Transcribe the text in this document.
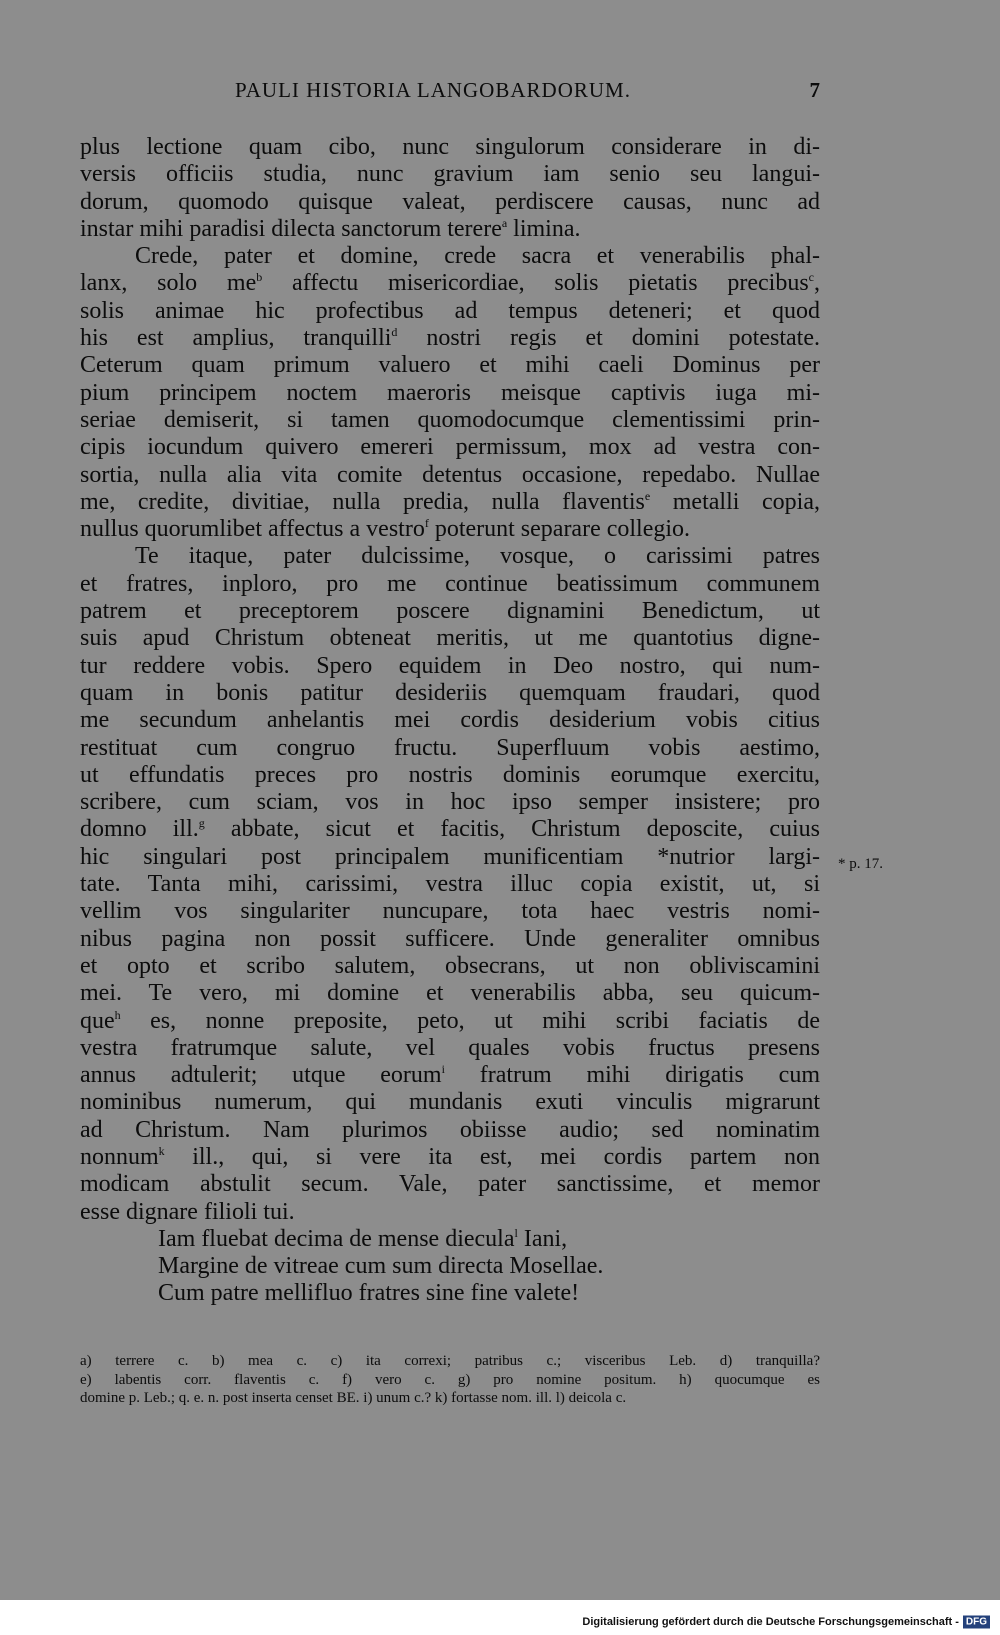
PAULI HISTORIA LANGOBARDORUM.	7
plus lectione quam cibo, nunc singulorum considerare in di-
versis officiis studia, nunc gravium iam senio seu langui-
dorum, quomodo quisque valeat, perdiscere causas, nunc ad
instar mihi paradisi dilecta sanctorum terere$^a$ limina.
Crede, pater et domine, crede sacra et venerabilis phal-
lanx, solo $me^b$ affectu misericordiae, solis pietatis precibus$^c$,
solis animae hic profectibus ad tempus deteneri; et quod
his est amplius, tranquilli$^d$ nostri regis et domini potestate.
Ceterum quam primum valuero et mihi caeli Dominus per
pium principem noctem maeroris meisque captivis iuga mi-
seriae demiserit, si tamen quomodocumque clementissimi prin-
cipis iocundum quivero emereri permissum, mox ad vestra con-
sortia, nulla alia vita comite detentus occasione, repedabo. Nullae
me, credite, divitiae, nulla predia, nulla flaventis$^e$ metalli copia,
nullus quorumlibet affectus a vestro$^f$ poterunt separare collegio.
Te itaque, pater dulcissime, vosque, o carissimi patres
et fratres, inploro, pro me continue beatissimum communem
patrem et preceptorem poscere dignamini Benedictum, ut
suis apud Christum obteneat meritis, ut me quantotius digne-
tur reddere vobis. Spero equidem in Deo nostro, qui num-
quam in bonis patitur desideriis quemquam fraudari, quod
me secundum anhelantis mei cordis desiderium vobis citius
restituat cum congruo fructu. Superfluum vobis aestimo,
ut effundatis preces pro nostris dominis eorumque exercitu,
scribere, cum sciam, vos in hoc ipso semper insistere; pro
domno ill.$^g$ abbate, sicut et facitis, Christum deposcite, cuius
hic singulari post principalem munificentiam *nutrior largi-
tate. Tanta mihi, carissimi, vestra illuc copia existit, ut, si
vellim vos singulariter nuncupare, tota haec vestris nomi-
nibus pagina non possit sufficere. Unde generaliter omnibus
et opto et scribo salutem, obsecrans, ut non obliviscamini
mei. Te vero, mi domine et venerabilis abba, seu quicum-
que$^h$ es, nonne preposite, peto, ut mihi scribi faciatis de
vestra fratrumque salute, vel quales vobis fructus presens
annus adtulerit; utque eorum$^i$ fratrum mihi dirigatis cum
nominibus numerum, qui mundanis exuti vinculis migrarunt
ad Christum. Nam plurimos obiisse audio; sed nominatim
nonnum$^k$ ill., qui, si vere ita est, mei cordis partem non
modicam abstulit secum. Vale, pater sanctissime, et memor
esse dignare filioli tui.
Iam fluebat decima de mense diecula$^l$ Iani,
Margine de vitreae cum sum directa Mosellae.
Cum patre mellifluo fratres sine fine valete!
* p. 17.
a) terrere c. b) mea c. c) ita correxi; patribus c.; visceribus Leb. d) tranquilla?
e) labentis corr. flaventis c. f) vero c. g) pro nomine positum. h) quocumque es
domine p. Leb.; q. e. n. post inserta censet BE. i) unum c.? k) fortasse nom. ill. l) deicola c.
Digitalisierung gefördert durch die Deutsche Forschungsgemeinschaft - DFG
